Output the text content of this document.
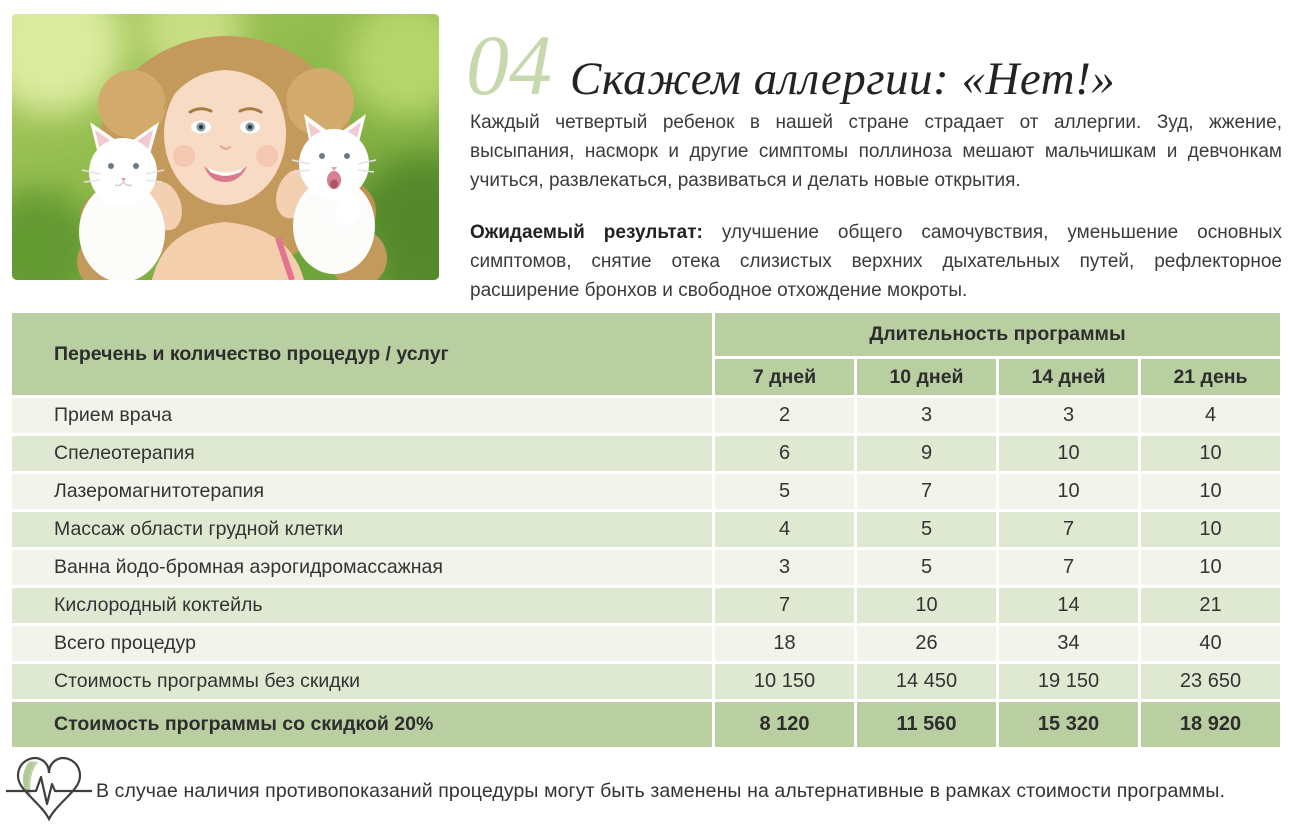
04 Скажем аллергии: «Нет!»

Каждый четвертый ребенок в нашей стране страдает от аллергии. Зуд, жжение, высыпания, насморк и другие симптомы поллиноза мешают мальчишкам и девчонкам учиться, развлекаться, развиваться и делать новые открытия.

Ожидаемый результат: улучшение общего самочувствия, уменьшение основных симптомов, снятие отека слизистых верхних дыхательных путей, рефлекторное расширение бронхов и свободное отхождение мокроты.

Перечень и количество процедур / услуг	Длительность программы			
	7 дней	10 дней	14 дней	21 день
Прием врача	2	3	3	4
Спелеотерапия	6	9	10	10
Лазеромагнитотерапия	5	7	10	10
Массаж области грудной клетки	4	5	7	10
Ванна йодо-бромная аэрогидромассажная	3	5	7	10
Кислородный коктейль	7	10	14	21
Всего процедур	18	26	34	40
Стоимость программы без скидки	10 150	14 450	19 150	23 650
Стоимость программы со скидкой 20%	8 120	11 560	15 320	18 920
В случае наличия противопоказаний процедуры могут быть заменены на альтернативные в рамках стоимости программы.
